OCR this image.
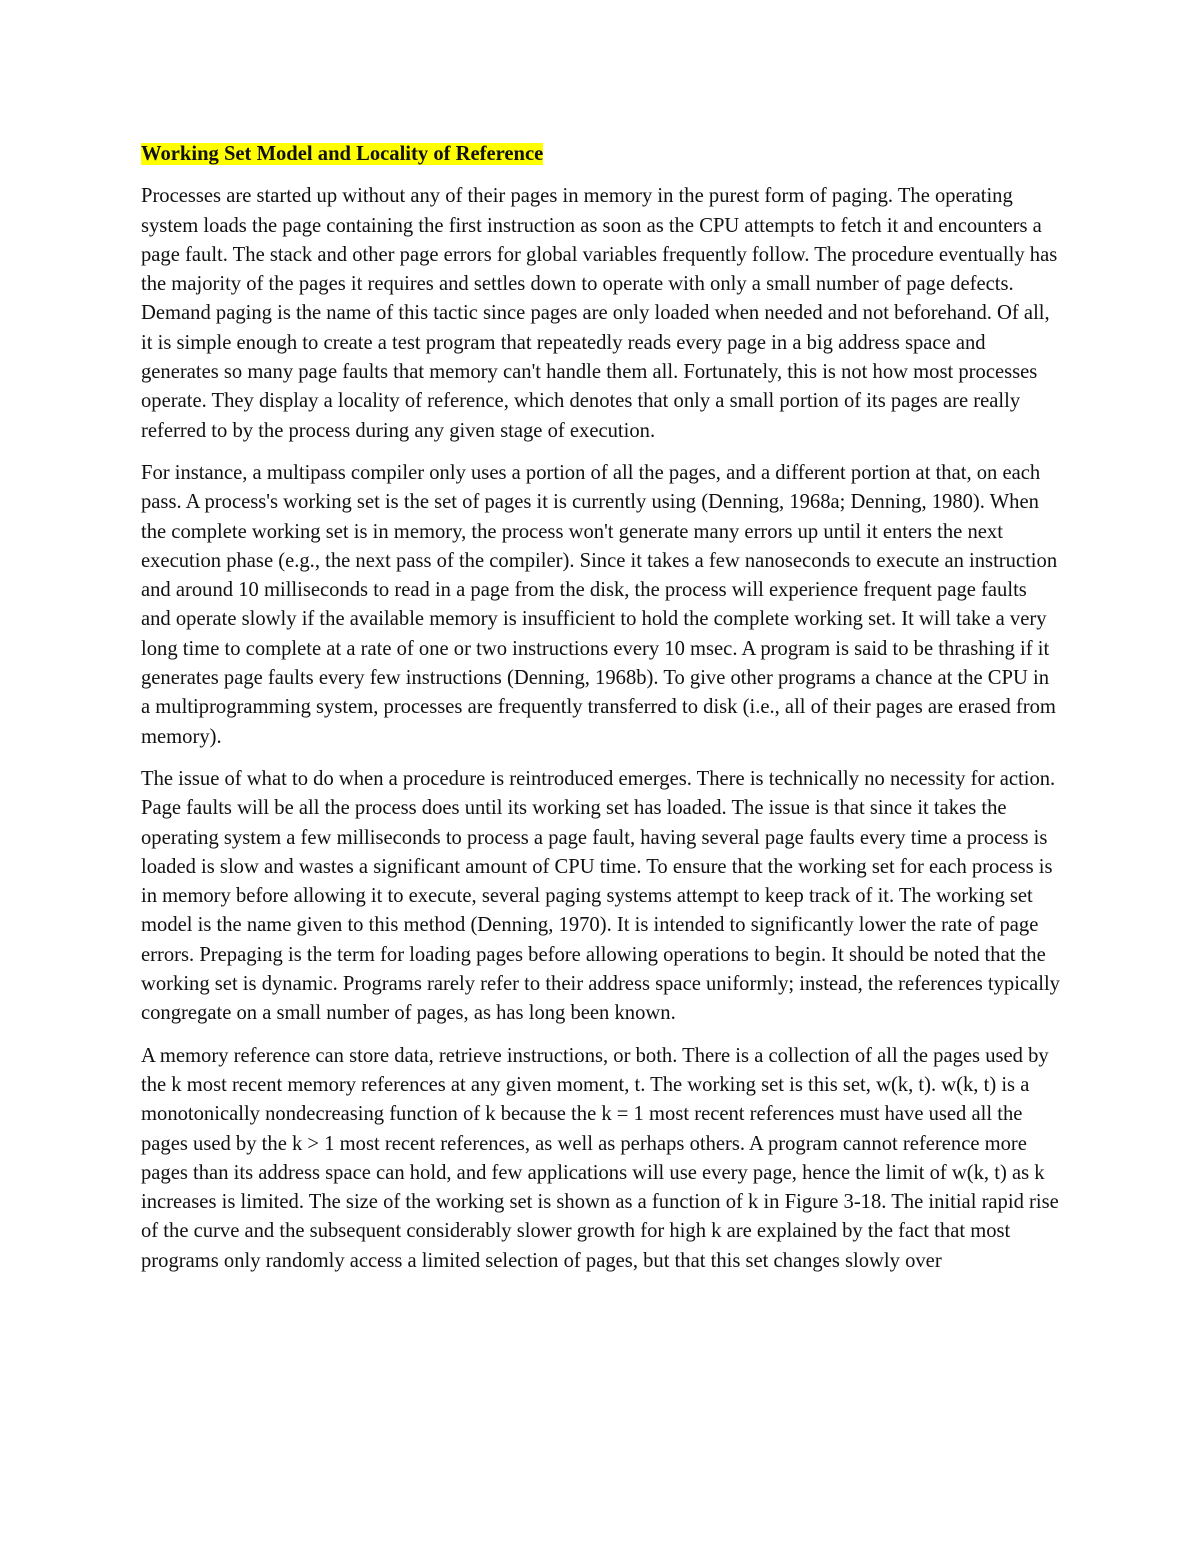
Working Set Model and Locality of Reference

Processes are started up without any of their pages in memory in the purest form of paging. The operating system loads the page containing the first instruction as soon as the CPU attempts to fetch it and encounters a page fault. The stack and other page errors for global variables frequently follow. The procedure eventually has the majority of the pages it requires and settles down to operate with only a small number of page defects. Demand paging is the name of this tactic since pages are only loaded when needed and not beforehand. Of all, it is simple enough to create a test program that repeatedly reads every page in a big address space and generates so many page faults that memory can't handle them all. Fortunately, this is not how most processes operate. They display a locality of reference, which denotes that only a small portion of its pages are really referred to by the process during any given stage of execution.

For instance, a multipass compiler only uses a portion of all the pages, and a different portion at that, on each pass. A process's working set is the set of pages it is currently using (Denning, 1968a; Denning, 1980). When the complete working set is in memory, the process won't generate many errors up until it enters the next execution phase (e.g., the next pass of the compiler). Since it takes a few nanoseconds to execute an instruction and around 10 milliseconds to read in a page from the disk, the process will experience frequent page faults and operate slowly if the available memory is insufficient to hold the complete working set. It will take a very long time to complete at a rate of one or two instructions every 10 msec. A program is said to be thrashing if it generates page faults every few instructions (Denning, 1968b). To give other programs a chance at the CPU in a multiprogramming system, processes are frequently transferred to disk (i.e., all of their pages are erased from memory).

The issue of what to do when a procedure is reintroduced emerges. There is technically no necessity for action. Page faults will be all the process does until its working set has loaded. The issue is that since it takes the operating system a few milliseconds to process a page fault, having several page faults every time a process is loaded is slow and wastes a significant amount of CPU time. To ensure that the working set for each process is in memory before allowing it to execute, several paging systems attempt to keep track of it. The working set model is the name given to this method (Denning, 1970). It is intended to significantly lower the rate of page errors. Prepaging is the term for loading pages before allowing operations to begin. It should be noted that the working set is dynamic. Programs rarely refer to their address space uniformly; instead, the references typically congregate on a small number of pages, as has long been known.

A memory reference can store data, retrieve instructions, or both. There is a collection of all the pages used by the k most recent memory references at any given moment, t. The working set is this set, w(k, t). w(k, t) is a monotonically nondecreasing function of k because the k = 1 most recent references must have used all the pages used by the k > 1 most recent references, as well as perhaps others. A program cannot reference more pages than its address space can hold, and few applications will use every page, hence the limit of w(k, t) as k increases is limited. The size of the working set is shown as a function of k in Figure 3-18. The initial rapid rise of the curve and the subsequent considerably slower growth for high k are explained by the fact that most programs only randomly access a limited selection of pages, but that this set changes slowly over
